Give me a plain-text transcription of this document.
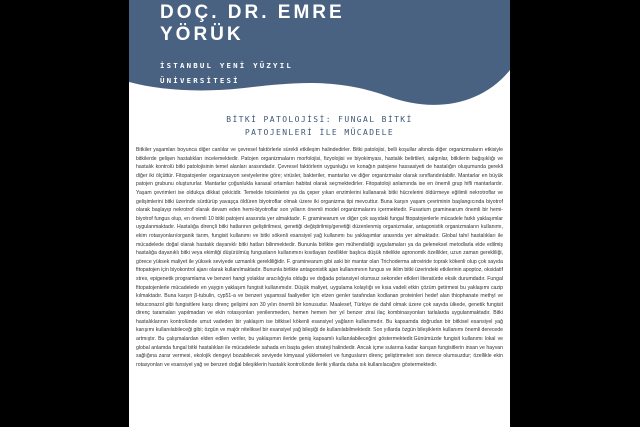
DOÇ. DR. EMRE
YÖRÜK

İSTANBUL YENİ YÜZYIL
ÜNİVERSİTESİ

BİTKİ PATOLOJİSİ: FUNGAL BİTKİ
PATOJENLERİ İLE MÜCADELE

Bitkiler yaşamları boyunca diğer canlılar ve çevresel faktörlerle sürekli etkileşim halindedirler. Bitki patolojisi, belli koşullar altında diğer organizmaların etkisiyle bitkilerde gelişen hastalıkları incelemektedir. Patojen organizmaların morfolojisi, fizyolojisi ve biyokimyası, hastalık belirtileri, salgınlar, bitkilerin bağışıklığı ve hastalık kontrolü bitki patolojisinin temel alanları arasındadır. Çevresel faktörlerin uygunluğu ve konağın patojene hassasiyeti de hastalığın oluşumunda gerekli diğer iki ölçüttür. Fitopatojenler organizasyon seviyelerine göre; virüsler, bakteriler, mantarlar ve diğer organizmalar olarak sınıflandırılabilir. Mantarlar en büyük patojen grubunu oluştururlar. Mantarlar çoğunlukla karasal ortamları habitat olarak seçmektedirler. Fitopatoloji anlamında ise en önemli grup hifli mantarlardır. Yaşam çevrimleri ise oldukça dikkat çekicidir. Temelde toksinlerini ya da çeper yıkan enzimlerini kullanarak bitki hücrelerini öldürmeye eğilimli nekrotroflar ve gelişimlerini bitki üzerinde sürdürüp yavaşça öldüren biyotroflar olmak üzere iki organizma tipi mevcuttur. Buna karşın yaşam çevriminin başlangıcında biyotrof olarak başlayıp nekrotrof olarak devam eden hemi-biyotroflar son yılların önemli model organizmalarını içermektedir. Fusarium graminearum önemli bir hemi-biyotrof fungus olup, en önemli 10 bitki patojeni arasında yer almaktadır. F. graminearum ve diğer çok sayıdaki fungal fitopatojenlerle mücadele farklı yaklaşımlar uygulanmaktadır. Hastalığa dirençli bitki hatlarının geliştirilmesi, genetiği değiştirilmiş/genetiği düzenlenmiş organizmalar, antagonistik organizmaların kullanımı, ekim rotasyonları/organik tarım, fungisit kullanımı ve bitki sökenli esansiyel yağ kullanımı bu yaklaşımlar arasında yer almaktadır. Global tahıl hastalıkları ile mücadelede doğal olarak hastalık dayanıklı bitki hatları bilinmektedir. Bununla birlikte gen mühendisliği uygulamaları ya da geleneksel metodlarla elde edilmiş hastalığa dayanıklı bitki veya ekimliği düşürülmüş fungusların kullanımını kısıtlayan özellikler başlıca düşük nitelikte agronomik özellikler, uzun zaman gerekliliği, görece yüksek maliyet ile yüksek seviyede uzmanlık gerekliliğidir. F. graminearum gibi aski bir mantar olan Trichoderma atroviride toprak kökenli olup çok sayıda fitopatojen için biyokontrol ajanı olarak kullanılmaktadır. Bununla birlikte antagonistik ajan kullanımının fungus ve iklim bitki üzerindeki etkilerinin apoptoz, oksidatif stres, epigenetik programlama ve benzeri hangi yolaklar aracılığıyla olduğu ve doğada potansiyel olumsuz sekonder etkileri literatürde eksik durumdadır. Fungal fitopatojenlerle mücadelede en yaygın yaklaşım fungisit kullanımıdır. Düşük maliyet, uygulama kolaylığı ve kısa vadeli etkin çözüm getirmesi bu yaklaşımı cazip kılmaktadır. Buna karşın β-tubulin, cyp51-a ve benzeri yaşamsal faaliyetler için etzen genler tarafından kodlanan proteinleri hedef alan thiophanate methyl ve tebuconazol gibi fungisitlere karşı direnç gelişimi son 30 yılın önemli bir konusudur. Maalesef, Türkiye de dahil olmak üzere çok sayıda ülkede, genetik fungisit direnç taramaları yapılmadan ve ekin rotasyonları yenilenmeden, hemen hemen her yıl benzer zirai ilaç kombinasyonları tarlalarda uygulanmaktadır. Bitki hastalıklarının kontrolünde umut vadeden bir yaklaşım ise bitkisel kökenli esansiyel yağların kullanımıdır. Bu kapsamda doğrudan bir bitkisel esansiyel yağ karışımı kullanılabileceği gibi; özgün ve majör niteliksel bir esansiyel yağ bileşiği de kullanılabilmektedir. Son yıllarda özgün bileşiklerin kullanımı önemli derecede artmıştır. Bu çalışmalardan elden edilen veriler, bu yaklaşımın ileride geniş kapsamlı kullanılabileceğini göstermektedir.Günümüzde fungisit kullanımı lokal ve global anlamda fungal bitki hastalıkları ile mücadelede sahada en başta gelen strateji halindedir. Ancak içme sularına kadar karışan fungisitlerin insan ve hayvan sağlığına zarar vermesi, ekolojik dengeyi bozabilecek seviyede kimyasal yüklemeleri ve fungusların direnç geliştirmeleri son derece olumsuzdur; özellikle ekin rotasyonları ve esansiyel yağ ve benzeri doğal bileşiklerin hastalık kontrolünde ileriki yıllarda daha sık kullanılacağını göstermektedir.
